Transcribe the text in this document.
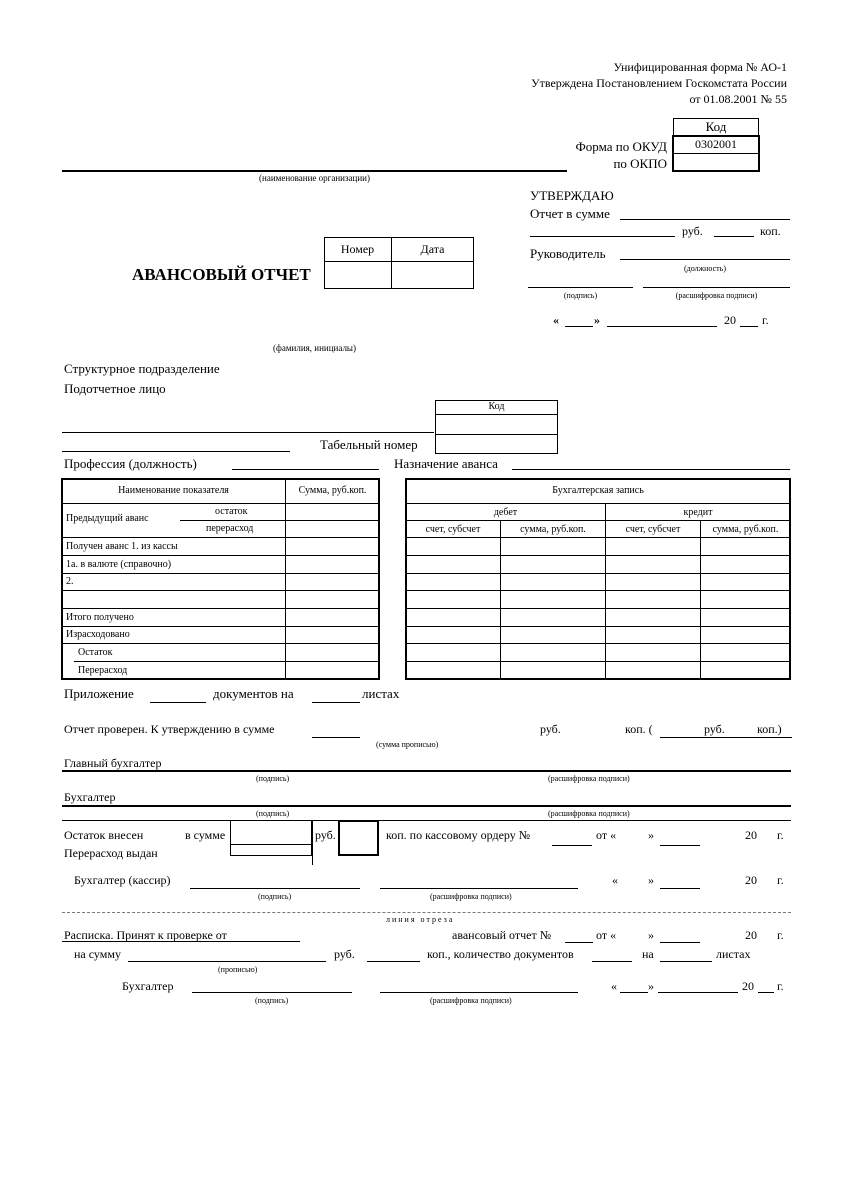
Унифицированная форма № АО-1
Утверждена Постановлением Госкомстата России
от 01.08.2001 № 55
Код
0302001
Форма по ОКУД
по ОКПО
(наименование организации)
УТВЕРЖДАЮ
Отчет в сумме
руб.	коп.
Руководитель
(должность)
(подпись)	(расшифровка подписи)
«	»	20 г.
АВАНСОВЫЙ ОТЧЕТ
Номер	Дата
(фамилия, инициалы)
Структурное подразделение
Подотчетное лицо
Код
Табельный номер
Профессия (должность)	Назначение аванса
Наименование показателя	Сумма, руб.коп.
Предыдущий аванс
остаток
перерасход
Получен аванс 1. из кассы
1а. в валюте (справочно)
2.
Итого получено
Израсходовано
Остаток
Перерасход
Бухгалтерская запись
дебет	кредит
счет, субсчет	сумма, руб.коп.	счет, субсчет	сумма, руб.коп.
Приложение	документов на	листах
Отчет проверен. К утверждению в сумме	руб.	коп. (	руб.	коп.)
(сумма прописью)
Главный бухгалтер
(подпись)	(расшифровка подписи)
Бухгалтер
(подпись)	(расшифровка подписи)
Остаток внесен	в сумме	руб.	коп. по кассовому ордеру №	от «	»	20 г.
Перерасход выдан
Бухгалтер (кассир)
(подпись)	(расшифровка подписи)
«	»	20 г.
линия отреза
Расписка. Принят к проверке от	авансовый отчет №	от «	»	20 г.
на сумму
(прописью)
руб.	коп., количество документов	на	листах
Бухгалтер
(подпись)	(расшифровка подписи)
«	»	20 г.
